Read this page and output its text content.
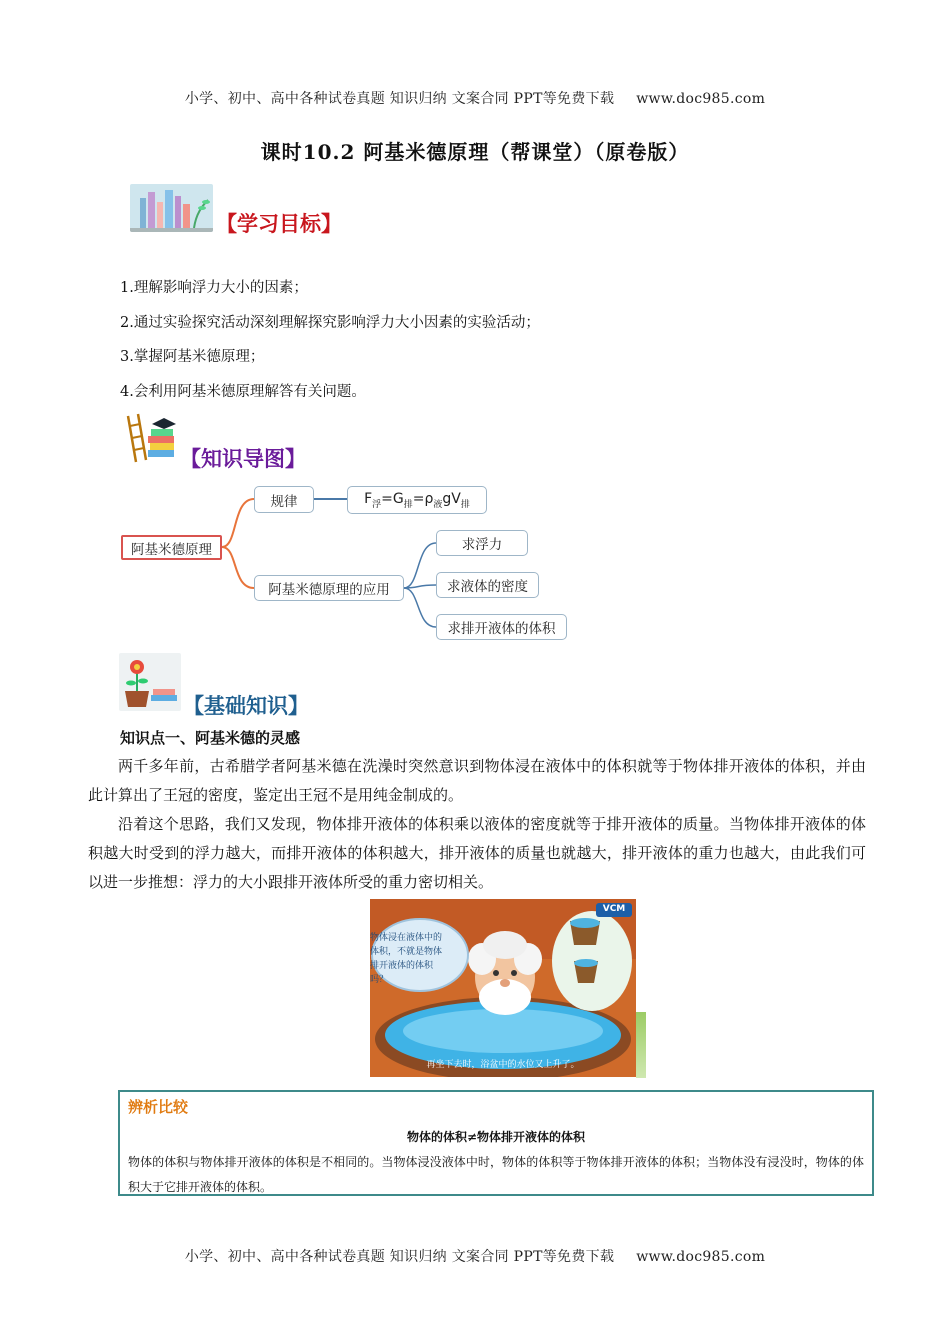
小学、初中、高中各种试卷真题 知识归纳 文案合同 PPT等免费下载 www.doc985.com
课时10.2 阿基米德原理（帮课堂）（原卷版）
【学习目标】
1.理解影响浮力大小的因素；
2.通过实验探究活动深刻理解探究影响浮力大小因素的实验活动；
3.掌握阿基米德原理；
4.会利用阿基米德原理解答有关问题。
【知识导图】
阿基米德原理
规律	$F_浮=G_排=\rho_液gV_排$
阿基米德原理的应用
求浮力
求液体的密度
求排开液体的体积
【基础知识】
知识点一、阿基米德的灵感
两千多年前，古希腊学者阿基米德在洗澡时突然意识到物体浸在液体中的体积就等于物体排开液体的体积，并由此计算出了王冠的密度，鉴定出王冠不是用纯金制成的。
沿着这个思路，我们又发现，物体排开液体的体积乘以液体的密度就等于排开液体的质量。当物体排开液体的体积越大时受到的浮力越大，而排开液体的体积越大，排开液体的质量也就越大，排开液体的重力也越大，由此我们可以进一步推想：浮力的大小跟排开液体所受的重力密切相关。
物体浸在液体中的体积，不就是物体排开液体的体积吗？
VCM
再坐下去时，浴盆中的水位又上升了。
辨析比较
物体的体积≠物体排开液体的体积
物体的体积与物体排开液体的体积是不相同的。当物体浸没液体中时，物体的体积等于物体排开液体的体积；当物体没有浸没时，物体的体积大于它排开液体的体积。
小学、初中、高中各种试卷真题 知识归纳 文案合同 PPT等免费下载 www.doc985.com
